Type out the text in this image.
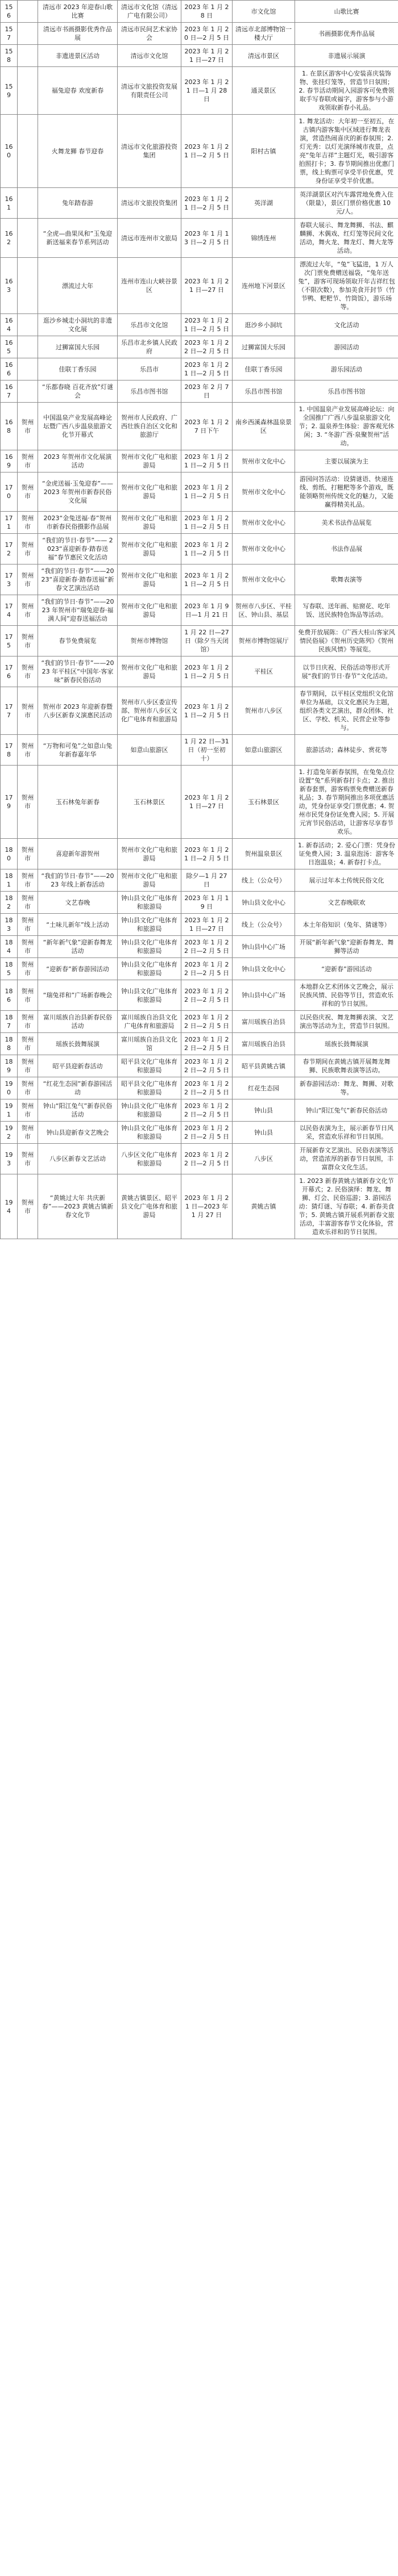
156		清远市 2023 年迎春山歌比赛	清远市文化馆（清远广电有限公司）	2023 年 1 月 28 日	市文化馆	山歌比赛
157		清远市书画摄影优秀作品展	清远市民间艺术家协会	2023 年 1 月 20 日—2 月 5 日	清远市北部博物馆一楼大厅	书画摄影优秀作品展
158		非遗进景区活动	清远市文化馆	2023 年 1 月 21 日—27 日	清远市景区	非遗展示展演
159		福兔迎春 欢度新春	清远市文旅投资发展有限责任公司	2023 年 1 月 21 日—1 月 28 日	通灵景区	1. 在景区游客中心安装喜庆装饰物、张挂灯笼等，营造节日氛围；2. 春节活动期间入园游客可免费领取手写春联或福字，游客参与小游戏领取新春小礼品。
160		火舞龙狮 春节迎春	清远市文化旅游投资集团	2023 年 1 月 21 日—2 月 5 日	阳村古镇	1. 舞龙活动：大年初一至初五，在古镇内游客集中区域进行舞龙表演，营造热闹喜庆的新春氛围；2. 灯光秀：以灯光演绎城市夜景，点亮“兔年吉祥”主题灯光，吸引游客拍照打卡；3. 春节期间推出优惠门票，线上购票可享受半价优惠，凭身份证享受半价优惠。
161		兔年踏春游	清远市文旅投资集团	2023 年 1 月 21 日—2 月 5 日	英洋湖	英洋湖景区对汽车露营地免费入住（限量），景区门票价格优惠 10 元/人。
162		“全虎—曲果凤和”玉兔迎新送福来春节系列活动	清远市连州市文旅局	2023 年 1 月 13 日—2 月 5 日	锦绣连州	春联大展示、舞龙舞狮、书法、麒麟狮、木偶戏、红灯笼等民间文化活动，舞火龙、舞龙灯、舞大龙等活动。
163		漂流过大年	连州市连山大峡谷景区	2023 年 1 月 21 日—27 日	连州地下河景区	漂流过大年，“兔”飞猛进，1 万人次门票免费赠送福袋，“兔年送兔”，游客可现场领取开年吉祥红包（不限次数），参加美食开封节（竹节鸭、粑粑节、竹筒饭），游乐场等。
164		逛沙乡城走小洞坑的非遗文化展	乐昌市文化馆	2023 年 1 月 21 日—2 月 5 日	逛沙乡小洞坑	文化活动
165		过狮富国大乐园	乐昌市北乡镇人民政府	2023 年 1 月 22 日—2 月 5 日	过狮富国大乐园	游园活动
166		佳联丁香乐园	乐昌市	2023 年 1 月 21 日—2 月 5 日	佳联丁香乐园	游乐园活动
167		“乐都春晓 百花齐放”灯谜会	乐昌市图书馆	2023 年 2 月 7 日	乐昌市图书馆	乐昌市图书馆
168	贺州市	中国温泉产业发展高峰论坛暨广西八步温泉旅游文化节开幕式	贺州市人民政府、广西壮族自治区文化和旅游厅	2023 年 1 月 27 日下午	南乡西溪森林温泉景区	1. 中国温泉产业发展高峰论坛：向全国推广广西八步温泉旅游文化节；2. 温泉养生体验：游客观光休闲；3. “冬游广西·泉聚贺州”活动。
169	贺州市	2023 年贺州市文化展演活动	贺州市文化广电和旅游局	2023 年 1 月 21 日—2 月 5 日	贺州市文化中心	主要以展演为主
170	贺州市	“金虎送福·玉兔迎春”——2023 年贺州市新春民俗文化展	贺州市文化广电和旅游局	2023 年 1 月 21 日—2 月 5 日	贺州市文化中心	游园问答活动：设猜谜语、快递连线、剪纸、打糍粑等多个游戏，既能领略贺州传统文化的魅力，又能赢得精美礼品。
171	贺州市	2023“金兔送福·春”贺州市新春民俗摄影作品展	贺州市文化广电和旅游局	2023 年 1 月 21 日—2 月 5 日	贺州市文化中心	美术书法作品展览
172	贺州市	“我们的节日·春节”—— 2023“喜迎新春·踏春送福”春节惠民文化活动	贺州市文化广电和旅游局	2023 年 1 月 21 日—2 月 5 日	贺州市文化中心	书法作品展
173	贺州市	“我们的节日·春节”——2023“喜迎新春·踏春送福”新春文艺演出活动	贺州市文化广电和旅游局	2023 年 1 月 21 日—2 月 5 日	贺州市文化中心	歌舞表演等
174	贺州市	“我们的节日·春节”——2023 年贺州市“瑞兔迎春·福满人间”迎春送福活动	贺州市文化广电和旅游局	2023 年 1 月 9 日—1 月 21 日	贺州市八步区、平桂区、钟山县、基层	写春联、送年画、贴窗花、吃年饭、送民族特色饰品等活动。
175	贺州市	春节免费展览	贺州市博物馆	1 月 22 日—27 日（除夕当天闭馆）	贺州市博物馆展厅	免费开放展陈：《广西大桂山客家风情民俗展》《贺州历史陈列》《贺州民族风情》等展览。
176	贺州市	“我们的节日·春节”——2023 年平桂区“中国年·客家味”新春民俗活动	贺州市文化广电和旅游局	2023 年 1 月 21 日—2 月 5 日	平桂区	以节日庆祝、民俗活动等形式开展“我们的节日·春节”文化活动。
177	贺州市	贺州市 2023 年迎新春暨八步区新春义演惠民活动	贺州市八步区委宣传部、贺州市八步区文化广电体育和旅游局	2023 年 1 月 21 日—2 月 5 日	贺州市八步区	春节期间，以平桂区党组织文化馆单位为基础，以文化惠民为主题，组织各类文艺演出，群众团体、社区、学校、机关、民营企业等参与。
178	贺州市	“万物和可兔”之如意山兔年新春嘉年华	如意山旅游区	1 月 22 日—31 日（初一至初十）	如意山旅游区	旅游活动；森林徒步、赏花等
179	贺州市	玉石林兔年新春	玉石林景区	2023 年 1 月 21 日—27 日	玉石林景区	1. 打造兔年新春氛围，在兔兔点位设置“兔”系列新春打卡点；2. 推出新春套票，游客购票免费赠送新春礼品；3. 春节期间推出多项优惠活动，凭身份证享受门票优惠；4. 贺州市民凭身份证免费入园；5. 开展元宵节民俗活动，让游客尽享春节欢乐。
180	贺州市	喜迎新年游贺州	贺州市文化广电和旅游局	2023 年 1 月 21 日—2 月 5 日	贺州温泉景区	1. 新春活动；2. 爱心门票：凭身份证免费入园；3. 温泉泡汤：游客冬日泡温泉；4. 新春打卡点。
181	贺州市	“我们的节日·春节”——2023 年线上新春活动	贺州市文化广电和旅游局	除夕—1 月 27 日	线上（公众号）	展示过年本土传统民俗文化
182	贺州市	文艺春晚	钟山县文化广电体育和旅游局	2023 年 1 月 19 日	钟山县文化中心	文艺春晚联欢
183	贺州市	“土味儿新年”线上活动	钟山县文化广电体育和旅游局	2023 年 1 月 21 日—27 日	线上（公众号）	本土年俗知识（兔年、猜谜等）
184	贺州市	“新年新气象”迎新春舞龙活动	钟山县文化广电体育和旅游局	2023 年 1 月 22 日—2 月 5 日	钟山县中心广场	开展“新年新气象”迎新春舞龙、舞狮等活动
185	贺州市	“迎新春”新春游园活动	钟山县文化广电体育和旅游局	2023 年 1 月 22 日—2 月 5 日	钟山县文化中心	“迎新春”游园活动
186	贺州市	“瑞兔祥和”广场新春晚会	钟山县文化广电体育和旅游局	2023 年 1 月 22 日—2 月 5 日	钟山县中心广场	本地群众艺术团体文艺晚会，展示民族风情、民俗等节目，营造欢乐祥和的节日氛围。
187	贺州市	富川瑶族自治县新春民俗活动	富川瑶族自治县文化广电体育和旅游局	2023 年 1 月 22 日—2 月 5 日	富川瑶族自治县	以民俗庆祝、舞龙舞狮表演、文艺演出等活动为主，营造节日氛围。
188	贺州市	瑶族长鼓舞展演	富川瑶族自治县文化馆	2023 年 1 月 22 日—2 月 5 日	富川瑶族自治县	瑶族长鼓舞展演
189	贺州市	昭平县迎新春活动	昭平县文化广电体育和旅游局	2023 年 1 月 22 日—2 月 5 日	昭平县黄姚古镇	春节期间在黄姚古镇开展舞龙舞狮、民族歌舞表演等活动。
190	贺州市	“红花生态园”新春游园活动	昭平县文化广电体育和旅游局	2023 年 1 月 22 日—2 月 5 日	红花生态园	新春游园活动：舞龙、舞狮、对歌等。
191	贺州市	钟山“阳江兔气”新春民俗活动	钟山县文化广电体育和旅游局	2023 年 1 月 22 日—2 月 5 日	钟山县	钟山“阳江兔气”新春民俗活动
192	贺州市	钟山县迎新春文艺晚会	钟山县文化广电体育和旅游局	2023 年 1 月 22 日—2 月 5 日	钟山县	以民俗表演为主，展示新春节日风采，营造欢乐祥和节日氛围。
193	贺州市	八步区新春文艺活动	八步区文化广电体育和旅游局	2023 年 1 月 22 日—2 月 5 日	八步区	开展新春文艺演出、民俗表演等活动，营造浓厚的新春节日氛围，丰富群众文化生活。
194	贺州市	“黄姚过大年 共庆新春”——2023 黄姚古镇新春文化节	黄姚古镇景区、昭平县文化广电体育和旅游局	2023 年 1 月 21 日—2023 年 1 月 27 日	黄姚古镇	1. 2023 新春黄姚古镇新春文化节开幕式；2. 民俗演绎：舞龙、舞狮、灯会、民俗巡游；3. 游园活动：猜灯谜、写春联；4. 新春美食节；5. 黄姚古镇开展系列新春文旅活动，丰富游客春节文化体验，营造欢乐祥和的节日氛围。
